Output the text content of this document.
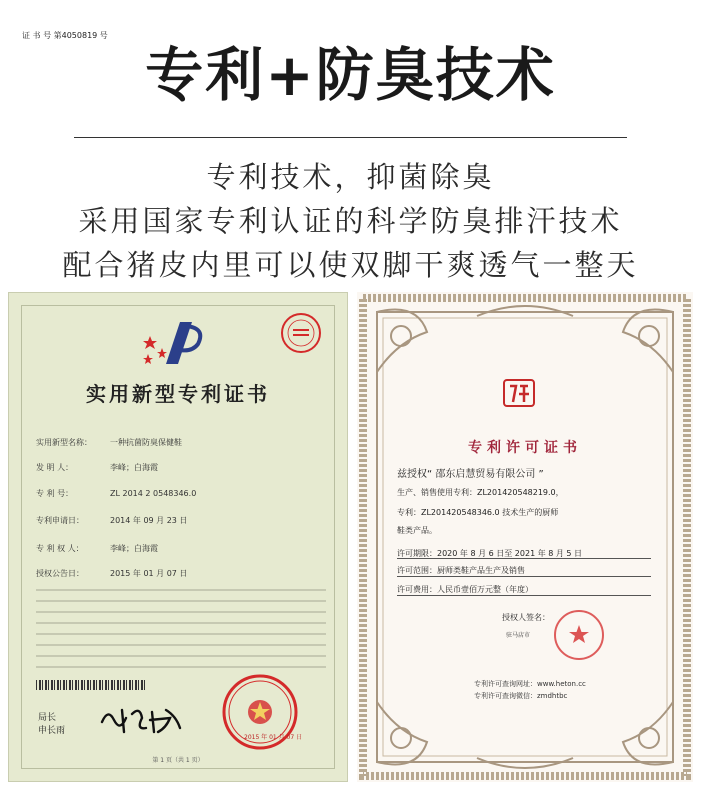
专利+防臭技术
专利技术，抑菌除臭
采用国家专利认证的科学防臭排汗技术
配合猪皮内里可以使双脚干爽透气一整天
证 书 号 第4050819 号
实用新型专利证书
实用新型名称： 一种抗菌防臭保健鞋
发 明 人：	李峰；白海霞
专 利 号：	ZL 2014 2 0548346.0
专利申请日：	2014 年 09 月 23 日
专 利 权 人：	李峰；白海霞
授权公告日：	2015 年 01 月 07 日
局长
申长雨
2015 年 01 月 07 日
第 1 页（共 1 页）
专利许可证书
兹授权“ 邵东启慧贸易有限公司 ”
生产、销售使用专利：ZL201420548219.0，
专利：ZL201420548346.0 技术生产的厨师
鞋类产品。
许可期限：2020 年 8 月 6 日至 2021 年 8 月 5 日
许可范围：厨师类鞋产品生产及销售
许可费用：人民币壹佰万元整（年度）
授权人签名：
驻马店市
专利许可查询网址：www.heton.cc
专利许可查询微信：zmdhtbc
